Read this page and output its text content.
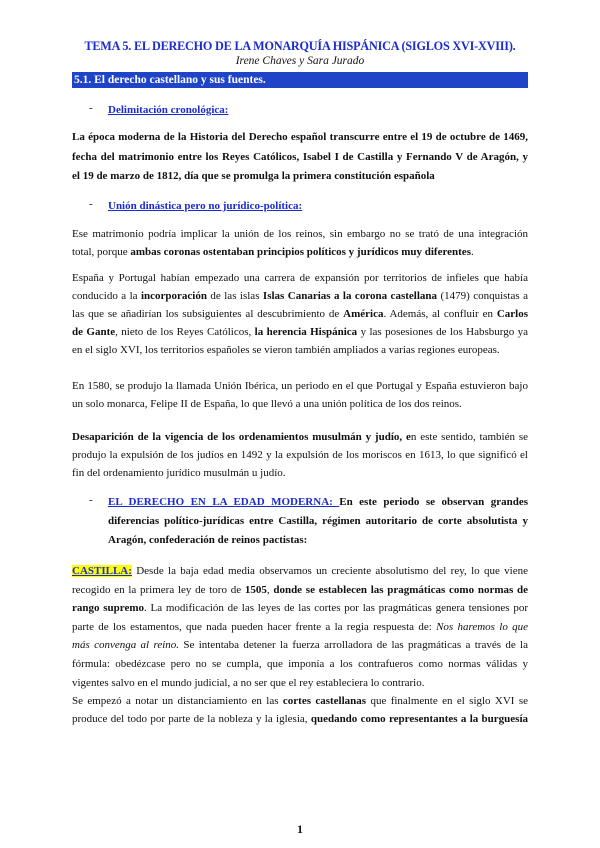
TEMA 5. EL DERECHO DE LA MONARQUÍA HISPÁNICA (SIGLOS XVI-XVIII).
Irene Chaves y Sara Jurado
5.1. El derecho castellano y sus fuentes.
- Delimitación cronológica:
La época moderna de la Historia del Derecho español transcurre entre el 19 de octubre de 1469,
fecha del matrimonio entre los Reyes Católicos, Isabel I de Castilla y Fernando V de Aragón, y
el 19 de marzo de 1812, día que se promulga la primera constitución española
- Unión dinástica pero no jurídico-política:
Ese matrimonio podría implicar la unión de los reinos, sin embargo no se trató de una integración
total, porque ambas coronas ostentaban principios políticos y jurídicos muy diferentes.
España y Portugal habían empezado una carrera de expansión por territorios de infieles que había
conducido a la incorporación de las islas Islas Canarias a la corona castellana (1479) conquistas a
las que se añadirían los subsiguientes al descubrimiento de América. Además, al confluir en Carlos
de Gante, nieto de los Reyes Católicos, la herencia Hispánica y las posesiones de los Habsburgo ya
en el siglo XVI, los territorios españoles se vieron también ampliados a varias regiones europeas.
En 1580, se produjo la llamada Unión Ibérica, un periodo en el que Portugal y España estuvieron bajo
un solo monarca, Felipe II de España, lo que llevó a una unión política de los dos reinos.
Desaparición de la vigencia de los ordenamientos musulmán y judío, en este sentido, también se
produjo la expulsión de los judíos en 1492 y la expulsión de los moriscos en 1613, lo que significó el
fin del ordenamiento jurídico musulmán u judío.
- EL DERECHO EN LA EDAD MODERNA: En este periodo se observan grandes
diferencias político-jurídicas entre Castilla, régimen autoritario de corte absolutista y
Aragón, confederación de reinos pactistas:
CASTILLA: Desde la baja edad media observamos un creciente absolutismo del rey, lo que viene
recogido en la primera ley de toro de 1505, donde se establecen las pragmáticas como normas de
rango supremo. La modificación de las leyes de las cortes por las pragmáticas genera tensiones por
parte de los estamentos, que nada pueden hacer frente a la regia respuesta de: Nos haremos lo que
más convenga al reino. Se intentaba detener la fuerza arrolladora de las pragmáticas a través de la
fórmula: obedézcase pero no se cumpla, que imponía a los contrafueros como normas válidas y
vigentes salvo en el mundo judicial, a no ser que el rey estableciera lo contrario.
Se empezó a notar un distanciamiento en las cortes castellanas que finalmente en el siglo XVI se
produce del todo por parte de la nobleza y la iglesia, quedando como representantes a la burguesía
1
